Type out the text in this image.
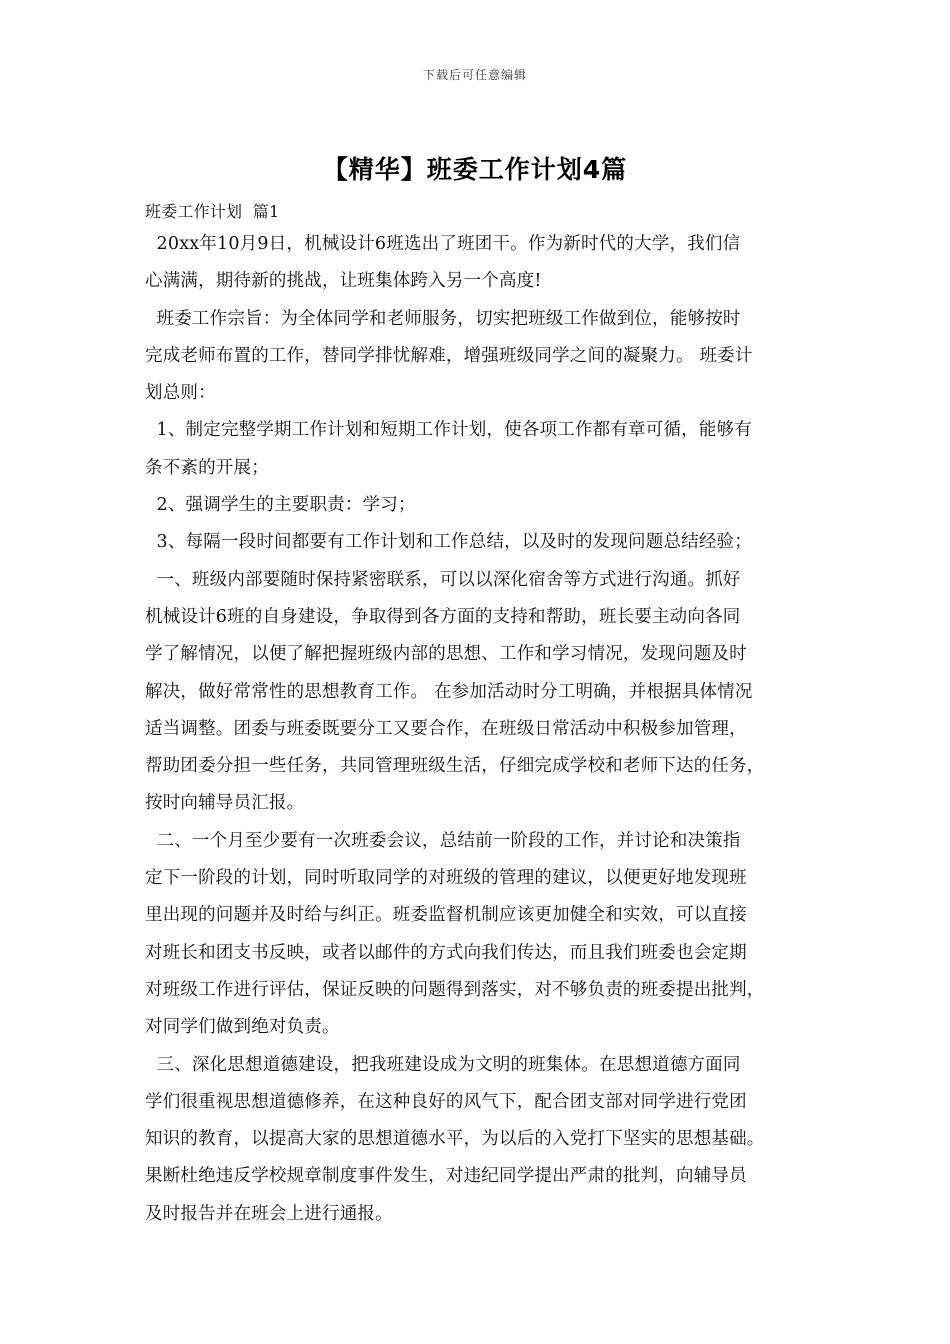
下载后可任意编辑
【精华】班委工作计划4篇
班委工作计划  篇1
20xx年10月9日，机械设计6班选出了班团干。作为新时代的大学，我们信
心满满，期待新的挑战，让班集体跨入另一个高度!
班委工作宗旨：为全体同学和老师服务，切实把班级工作做到位，能够按时
完成老师布置的工作，替同学排忧解难，增强班级同学之间的凝聚力。 班委计
划总则：
1、制定完整学期工作计划和短期工作计划，使各项工作都有章可循，能够有
条不紊的开展；
2、强调学生的主要职责：学习；
3、每隔一段时间都要有工作计划和工作总结，以及时的发现问题总结经验；
一、班级内部要随时保持紧密联系，可以以深化宿舍等方式进行沟通。抓好
机械设计6班的自身建设，争取得到各方面的支持和帮助，班长要主动向各同
学了解情况，以便了解把握班级内部的思想、工作和学习情况，发现问题及时
解决，做好常常性的思想教育工作。 在参加活动时分工明确，并根据具体情况
适当调整。团委与班委既要分工又要合作，在班级日常活动中积极参加管理，
帮助团委分担一些任务，共同管理班级生活，仔细完成学校和老师下达的任务，
按时向辅导员汇报。
二、一个月至少要有一次班委会议，总结前一阶段的工作，并讨论和决策指
定下一阶段的计划，同时听取同学的对班级的管理的建议，以便更好地发现班
里出现的问题并及时给与纠正。班委监督机制应该更加健全和实效，可以直接
对班长和团支书反映，或者以邮件的方式向我们传达，而且我们班委也会定期
对班级工作进行评估，保证反映的问题得到落实，对不够负责的班委提出批判，
对同学们做到绝对负责。
三、深化思想道德建设，把我班建设成为文明的班集体。在思想道德方面同
学们很重视思想道德修养，在这种良好的风气下，配合团支部对同学进行党团
知识的教育，以提高大家的思想道德水平，为以后的入党打下坚实的思想基础。
果断杜绝违反学校规章制度事件发生，对违纪同学提出严肃的批判，向辅导员
及时报告并在班会上进行通报。
